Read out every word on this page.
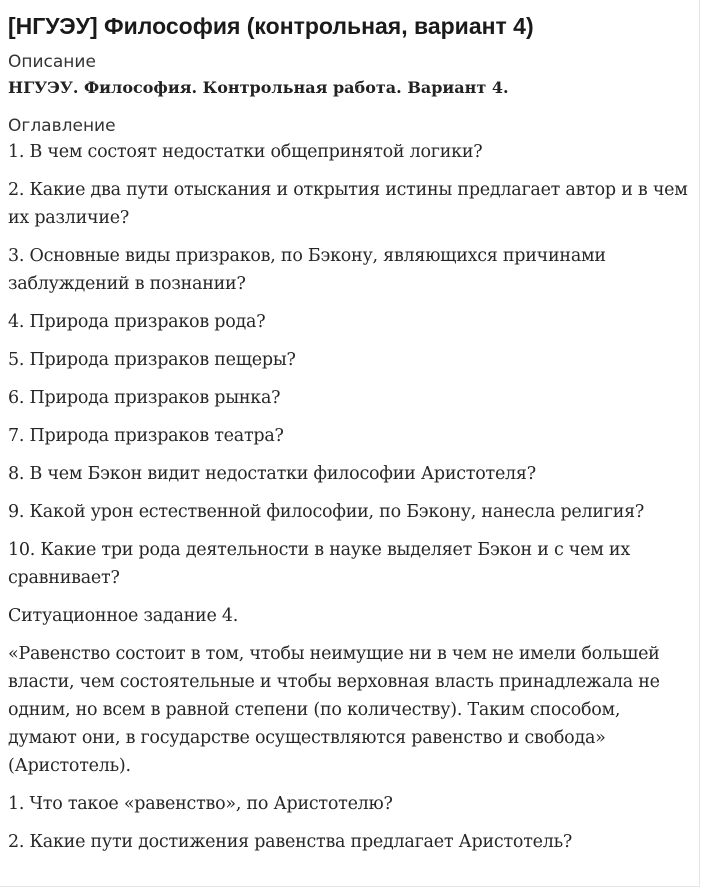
[НГУЭУ] Философия (контрольная, вариант 4)
Описание

НГУЭУ. Философия. Контрольная работа. Вариант 4.

Оглавление

1. В чем состоят недостатки общепринятой логики?

2. Какие два пути отыскания и открытия истины предлагает автор и в чем их различие?

3. Основные виды призраков, по Бэкону, являющихся причинами заблуждений в познании?

4. Природа призраков рода?

5. Природа призраков пещеры?

6. Природа призраков рынка?

7. Природа призраков театра?

8. В чем Бэкон видит недостатки философии Аристотеля?

9. Какой урон естественной философии, по Бэкону, нанесла религия?

10. Какие три рода деятельности в науке выделяет Бэкон и с чем их сравнивает?

Ситуационное задание 4.

«Равенство состоит в том, чтобы неимущие ни в чем не имели большей власти, чем состоятельные и чтобы верховная власть принадлежала не одним, но всем в равной степени (по количеству). Таким способом, думают они, в государстве осуществляются равенство и свобода» (Аристотель).

1. Что такое «равенство», по Аристотелю?

2. Какие пути достижения равенства предлагает Аристотель?
